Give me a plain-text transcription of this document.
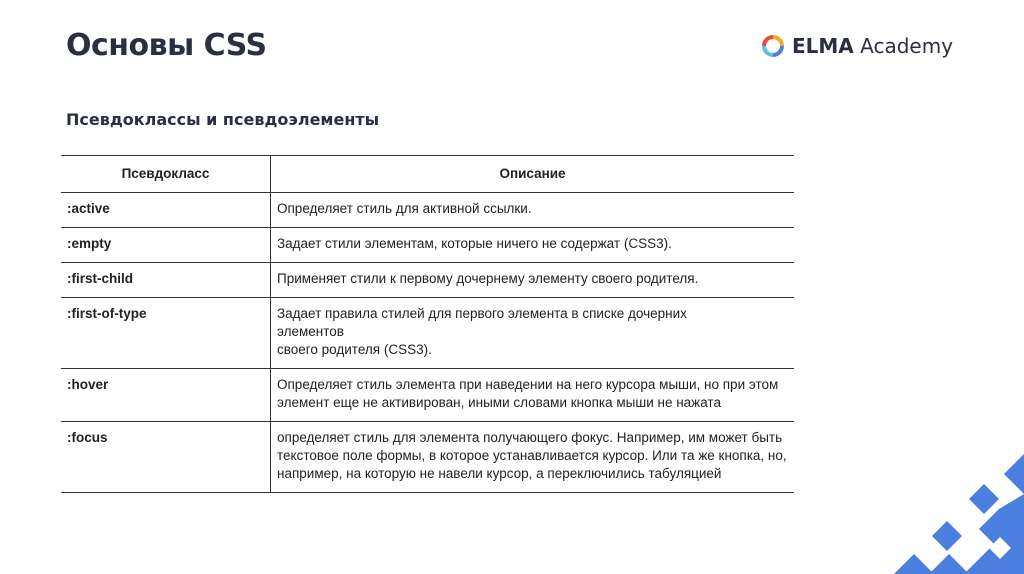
Основы CSS	ELMA Academy
Псевдоклассы и псевдоэлементы
Псевдокласс	Описание
:active	Определяет стиль для активной ссылки.
:empty	Задает стили элементам, которые ничего не содержат (CSS3).
:first-child	Применяет стили к первому дочернему элементу своего родителя.
:first-of-type	Задает правила стилей для первого элемента в списке дочерних
элементов
своего родителя (CSS3).
:hover	Определяет стиль элемента при наведении на него курсора мыши, но при этом элемент еще не активирован, иными словами кнопка мыши не нажата
:focus	определяет стиль для элемента получающего фокус. Например, им может быть текстовое поле формы, в которое устанавливается курсор. Или та же кнопка, но, например, на которую не навели курсор, а переключились табуляцией
